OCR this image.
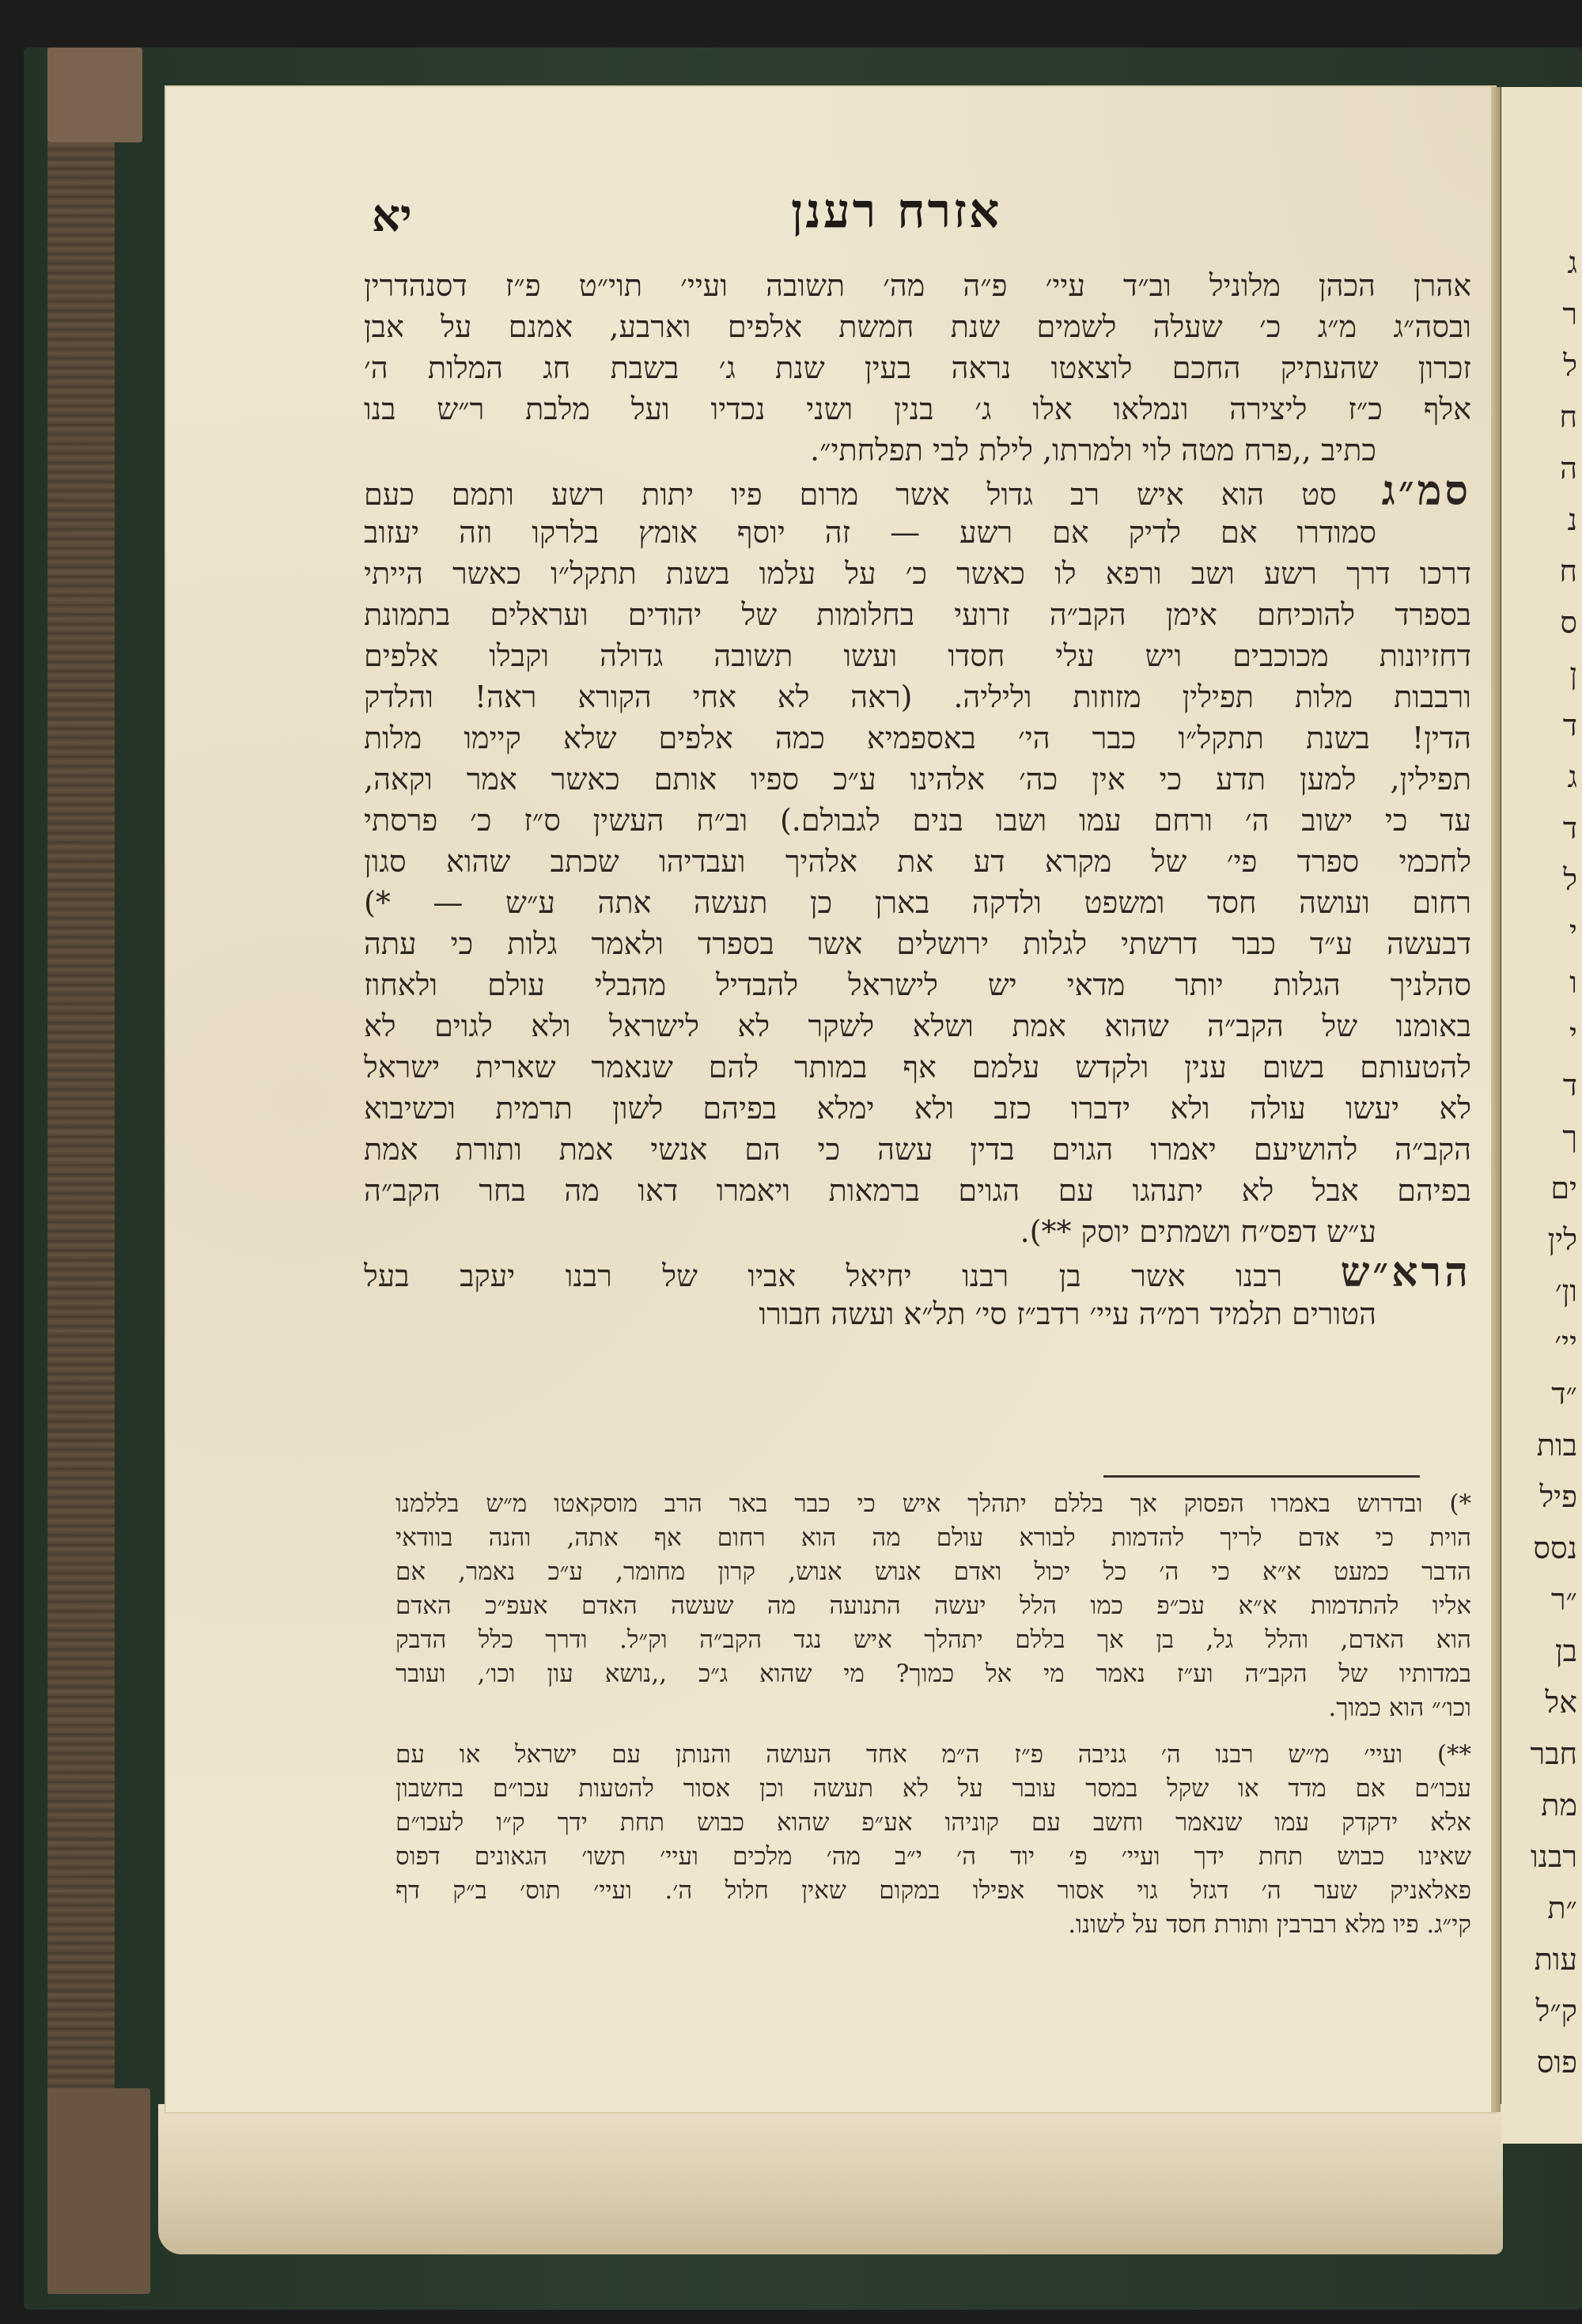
ג
ר
ל
ח
ה
נ
ח
ס
ן
ד
ג
ד
ל
י
ו
י
ד
ך
ים
לין
ון׳
יי׳
״ד
בות
פיל
נסס
״ר
בן
אל
חבר
מת
רבנו
״ת
עות
ק״ל
פוס
יא	אזרח רענן
אהרן הכהן מלוניל וב״ד עיי׳ פ״ה מה׳ תשובה ועיי׳ תוי״ט פ״ז דסנהדרין
ובסה״ג מ״ג כ׳ שעלה לשמים שנת חמשת אלפים וארבע, אמנם על אבן
זכרון שהעתיק החכם לוצאטו נראה בעין שנת ג׳ בשבת חג המלות ה׳
אלף כ״ז ליצירה ונמלאו אלו ג׳ בנין ושני נכדיו ועל מלבת ר״ש בנו
כתיב ,,פרח מטה לוי ולמרתו, לילת לבי תפלחתי״.
סמ״ג סט הוא איש רב גדול אשר מרום פיו יתות רשע ותמם כעם
סמודרו אם לדיק אם רשע — זה יוסף אומץ בלרקו וזה יעזוב
דרכו דרך רשע ושב ורפא לו כאשר כ׳ על עלמו בשנת תתקל״ו כאשר הייתי
בספרד להוכיחם אימן הקב״ה זרועי בחלומות של יהודים ועראלים בתמונת
דחזיונות מכוכבים ויש עלי חסדו ועשו תשובה גדולה וקבלו אלפים
ורבבות מלות תפילין מזוזות וליליה. (ראה לא אחי הקורא ראה! והלדק
הדין! בשנת תתקל״ו כבר הי׳ באספמיא כמה אלפים שלא קיימו מלות
תפילין, למען תדע כי אין כה׳ אלהינו ע״כ ספיו אותם כאשר אמר וקאה,
עד כי ישוב ה׳ ורחם עמו ושבו בנים לגבולם.) וב״ח העשין ס״ז כ׳ פרסתי
לחכמי ספרד פי׳ של מקרא דע את אלהיך ועבדיהו שכתב שהוא סגון
רחום ועושה חסד ומשפט ולדקה בארן כן תעשה אתה ע״ש — *)
דבעשה ע״ד כבר דרשתי לגלות ירושלים אשר בספרד ולאמר גלות כי עתה
סהלניך הגלות יותר מדאי יש לישראל להבדיל מהבלי עולם ולאחוז
באומנו של הקב״ה שהוא אמת ושלא לשקר לא לישראל ולא לגוים לא
להטעותם בשום ענין ולקדש עלמם אף במותר להם שנאמר שארית ישראל
לא יעשו עולה ולא ידברו כזב ולא ימלא בפיהם לשון תרמית וכשיבוא
הקב״ה להושיעם יאמרו הגוים בדין עשה כי הם אנשי אמת ותורת אמת
בפיהם אבל לא יתנהגו עם הגוים ברמאות ויאמרו דאו מה בחר הקב״ה
ע״ש דפס״ח ושמתים יוסק **).
הרא״ש רבנו אשר בן רבנו יחיאל אביו של רבנו יעקב בעל
הטורים תלמיד רמ״ה עיי׳ רדב״ז סי׳ תל״א ועשה חבורו
*) ובדרוש באמרו הפסוק אך בללם יתהלך איש כי כבר באר הרב מוסקאטו מ״ש בללמנו
הוית כי אדם לריך להדמות לבורא עולם מה הוא רחום אף אתה, והנה בוודאי
הדבר כמעט א״א כי ה׳ כל יכול ואדם אנוש אנוש, קרון מחומר, ע״כ נאמר, אם
אליו להתדמות א״א עכ״פ כמו הלל יעשה התנועה מה שעשה האדם אעפ״כ האדם
הוא האדם, והלל גל, בן אך בללם יתהלך איש נגד הקב״ה וק״ל. ודרך כלל הדבק
במדותיו של הקב״ה וע״ז נאמר מי אל כמוך? מי שהוא ג״כ ,,נושא עון וכו׳, ועובר
וכו׳״ הוא כמוך.
**) ועיי׳ מ״ש רבנו ה׳ גניבה פ״ז ה״מ אחד העושה והנותן עם ישראל או עם
עכו״ם אם מדד או שקל במסר עובר על לא תעשה וכן אסור להטעות עכו״ם בחשבון
אלא ידקדק עמו שנאמר וחשב עם קוניהו אע״פ שהוא כבוש תחת ידך ק״ו לעכו״ם
שאינו כבוש תחת ידך ועיי׳ פ׳ יוד ה׳ י״ב מה׳ מלכים ועיי׳ תשו׳ הגאונים דפוס
פאלאניק שער ה׳ דגזל גוי אסור אפילו במקום שאין חלול ה׳. ועיי׳ תוס׳ ב״ק דף
קי״ג. פיו מלא רברבין ותורת חסד על לשונו.
